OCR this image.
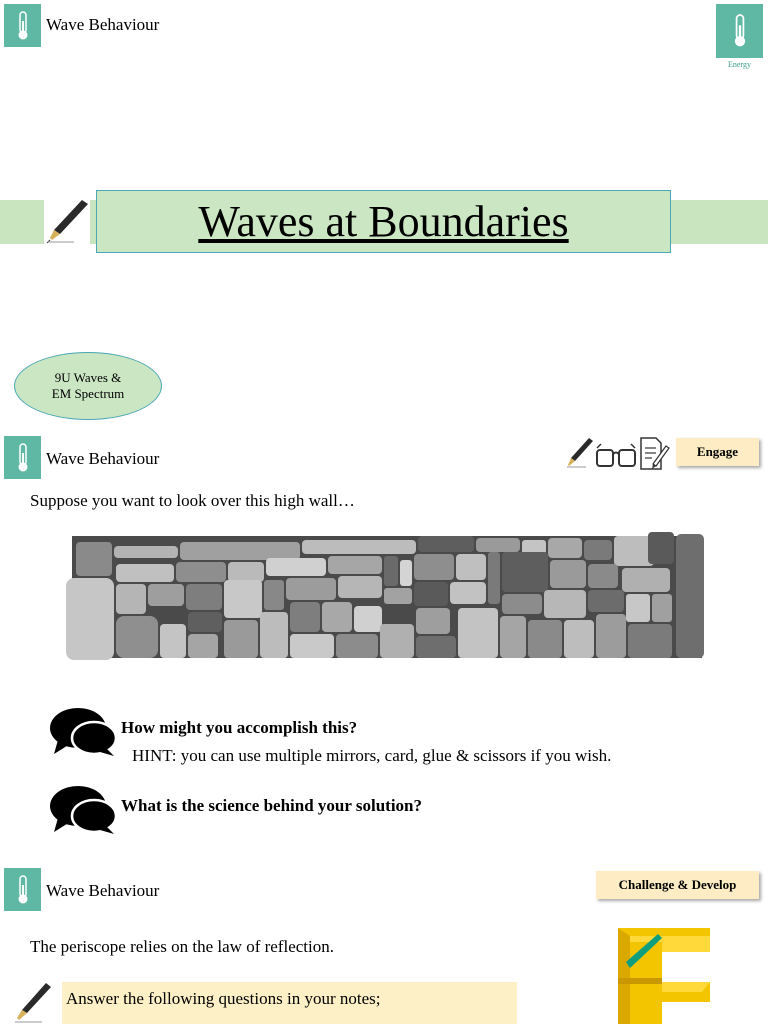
Wave Behaviour
Energy
Waves at Boundaries
9U Waves &
EM Spectrum
Wave Behaviour	Engage
Suppose you want to look over this high wall…
How might you accomplish this?
HINT: you can use multiple mirrors, card, glue & scissors if you wish.
What is the science behind your solution?
Wave Behaviour	Challenge & Develop
The periscope relies on the law of reflection.
Answer the following questions in your notes;
